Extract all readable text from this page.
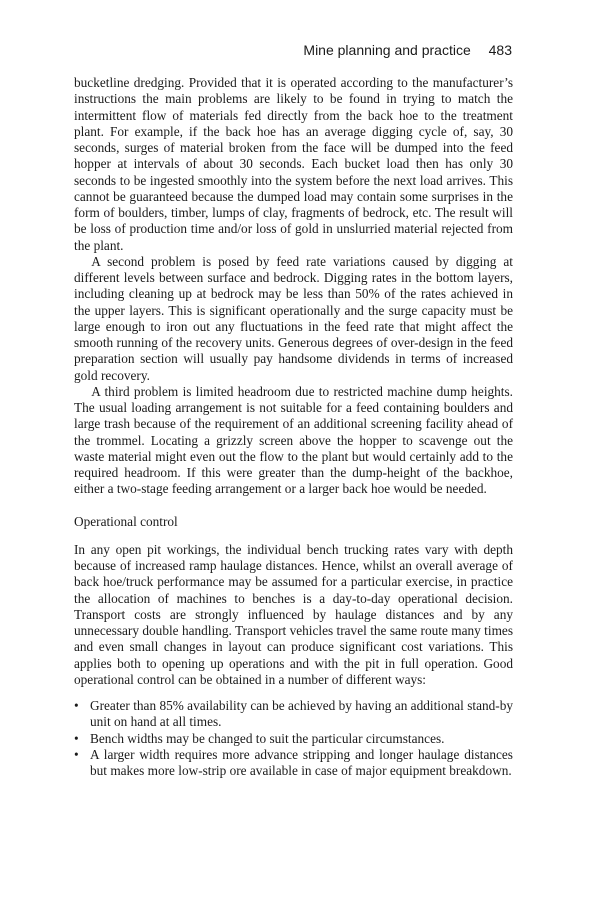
Mine planning and practice 483

bucketline dredging. Provided that it is operated according to the manufacturer’s instructions the main problems are likely to be found in trying to match the intermittent flow of materials fed directly from the back hoe to the treatment plant. For example, if the back hoe has an average digging cycle of, say, 30 seconds, surges of material broken from the face will be dumped into the feed hopper at intervals of about 30 seconds. Each bucket load then has only 30 seconds to be ingested smoothly into the system before the next load arrives. This cannot be guaranteed because the dumped load may contain some surprises in the form of boulders, timber, lumps of clay, fragments of bedrock, etc. The result will be loss of production time and/or loss of gold in unslurried material rejected from the plant.

A second problem is posed by feed rate variations caused by digging at different levels between surface and bedrock. Digging rates in the bottom layers, including cleaning up at bedrock may be less than 50% of the rates achieved in the upper layers. This is significant operationally and the surge capacity must be large enough to iron out any fluctuations in the feed rate that might affect the smooth running of the recovery units. Generous degrees of over-design in the feed preparation section will usually pay handsome dividends in terms of increased gold recovery.

A third problem is limited headroom due to restricted machine dump heights. The usual loading arrangement is not suitable for a feed containing boulders and large trash because of the requirement of an additional screening facility ahead of the trommel. Locating a grizzly screen above the hopper to scavenge out the waste material might even out the flow to the plant but would certainly add to the required headroom. If this were greater than the dump-height of the backhoe, either a two-stage feeding arrangement or a larger back hoe would be needed.

Operational control

In any open pit workings, the individual bench trucking rates vary with depth because of increased ramp haulage distances. Hence, whilst an overall average of back hoe/truck performance may be assumed for a particular exercise, in practice the allocation of machines to benches is a day-to-day operational decision. Transport costs are strongly influenced by haulage distances and by any unnecessary double handling. Transport vehicles travel the same route many times and even small changes in layout can produce significant cost variations. This applies both to opening up operations and with the pit in full operation. Good operational control can be obtained in a number of different ways:

• Greater than 85% availability can be achieved by having an additional stand-by unit on hand at all times.
• Bench widths may be changed to suit the particular circumstances.
• A larger width requires more advance stripping and longer haulage distances but makes more low-strip ore available in case of major equipment breakdown.
